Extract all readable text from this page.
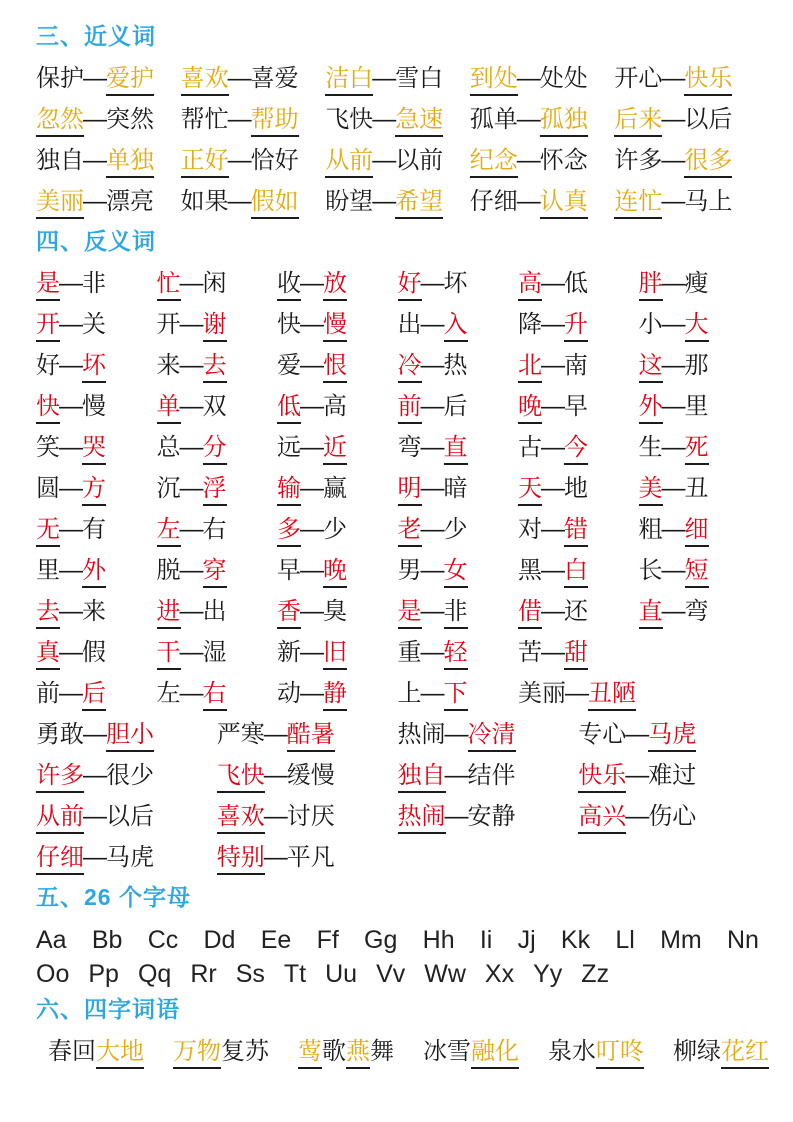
三、近义词
保护—爱护	喜欢—喜爱	洁白—雪白	到处—处处	开心—快乐
忽然—突然	帮忙—帮助	飞快—急速	孤单—孤独	后来—以后
独自—单独	正好—恰好	从前—以前	纪念—怀念	许多—很多
美丽—漂亮	如果—假如	盼望—希望	仔细—认真	连忙—马上
四、反义词
是—非	忙—闲	收—放	好—坏	高—低	胖—瘦
开—关	开—谢	快—慢	出—入	降—升	小—大
好—坏	来—去	爱—恨	冷—热	北—南	这—那
快—慢	单—双	低—高	前—后	晚—早	外—里
笑—哭	总—分	远—近	弯—直	古—今	生—死
圆—方	沉—浮	输—赢	明—暗	天—地	美—丑
无—有	左—右	多—少	老—少	对—错	粗—细
里—外	脱—穿	早—晚	男—女	黑—白	长—短
去—来	进—出	香—臭	是—非	借—还	直—弯
真—假	干—湿	新—旧	重—轻	苦—甜
前—后	左—右	动—静	上—下	美丽—丑陋
勇敢—胆小	严寒—酷暑	热闹—冷清	专心—马虎
许多—很少	飞快—缓慢	独自—结伴	快乐—难过
从前—以后	喜欢—讨厌	热闹—安静	高兴—伤心
仔细—马虎	特别—平凡
五、26 个字母
Aa Bb Cc Dd Ee Ff Gg Hh Ii Jj Kk Ll Mm Nn
Oo Pp Qq Rr Ss Tt Uu Vv Ww Xx Yy Zz
六、四字词语
春回大地 万物复苏 莺歌燕舞 冰雪融化 泉水叮咚 柳绿花红
